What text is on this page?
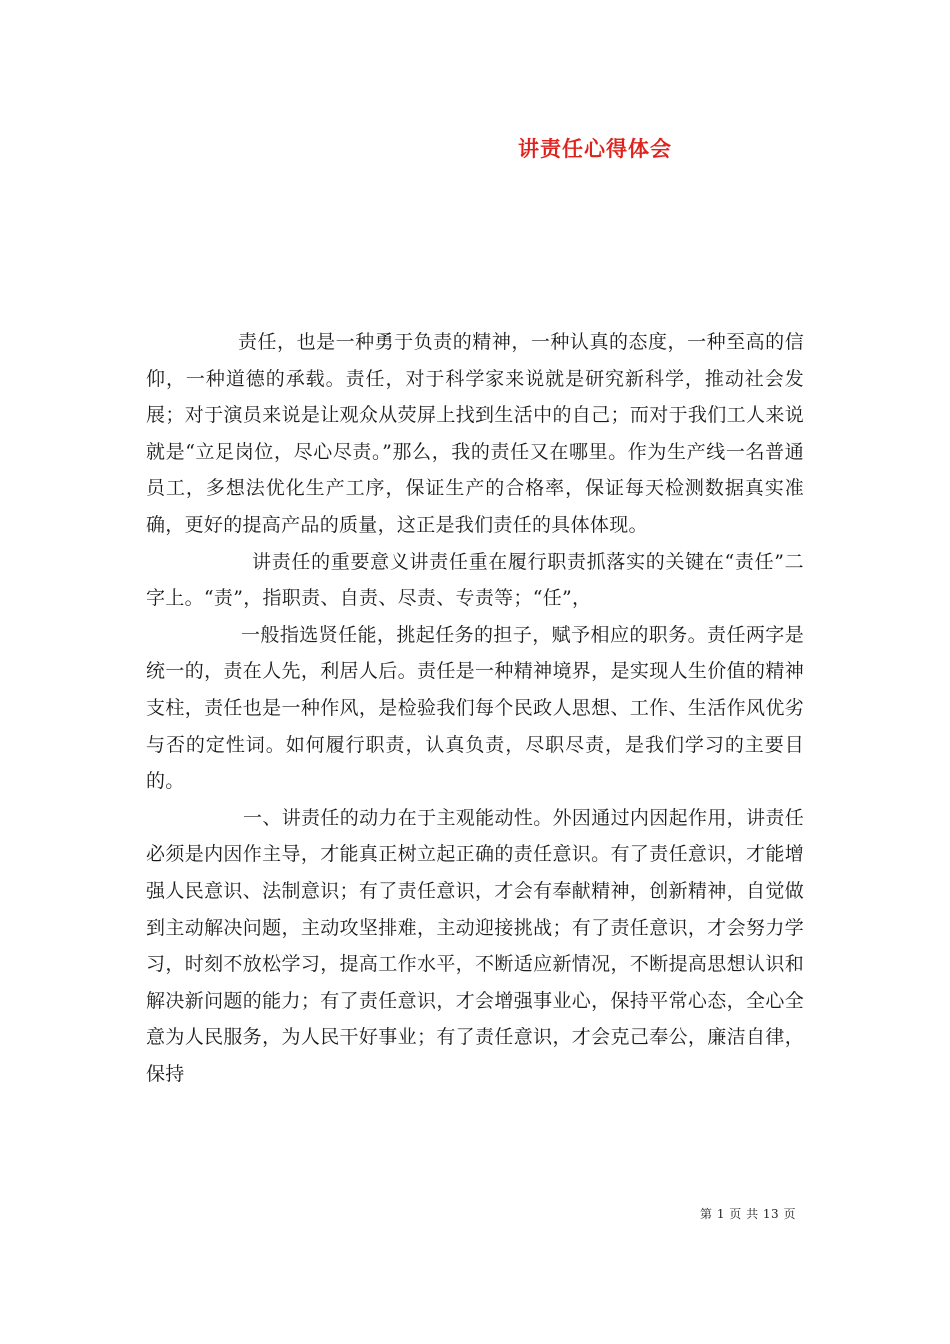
讲责任心得体会

责任，也是一种勇于负责的精神，一种认真的态度，一种至高的信仰，一种道德的承载。责任，对于科学家来说就是研究新科学，推动社会发展；对于演员来说是让观众从荧屏上找到生活中的自己；而对于我们工人来说就是“立足岗位，尽心尽责。”那么，我的责任又在哪里。作为生产线一名普通员工，多想法优化生产工序，保证生产的合格率，保证每天检测数据真实准确，更好的提高产品的质量，这正是我们责任的具体体现。

讲责任的重要意义讲责任重在履行职责抓落实的关键在“责任”二字上。“责”，指职责、自责、尽责、专责等；“任”，

一般指选贤任能，挑起任务的担子，赋予相应的职务。责任两字是统一的，责在人先，利居人后。责任是一种精神境界，是实现人生价值的精神支柱，责任也是一种作风，是检验我们每个民政人思想、工作、生活作风优劣与否的定性词。如何履行职责，认真负责，尽职尽责，是我们学习的主要目的。

一、讲责任的动力在于主观能动性。外因通过内因起作用，讲责任必须是内因作主导，才能真正树立起正确的责任意识。有了责任意识，才能增强人民意识、法制意识；有了责任意识，才会有奉献精神，创新精神，自觉做到主动解决问题，主动攻坚排难，主动迎接挑战；有了责任意识，才会努力学习，时刻不放松学习，提高工作水平，不断适应新情况，不断提高思想认识和解决新问题的能力；有了责任意识，才会增强事业心，保持平常心态，全心全意为人民服务，为人民干好事业；有了责任意识，才会克己奉公，廉洁自律，保持

第 1 页 共 13 页
